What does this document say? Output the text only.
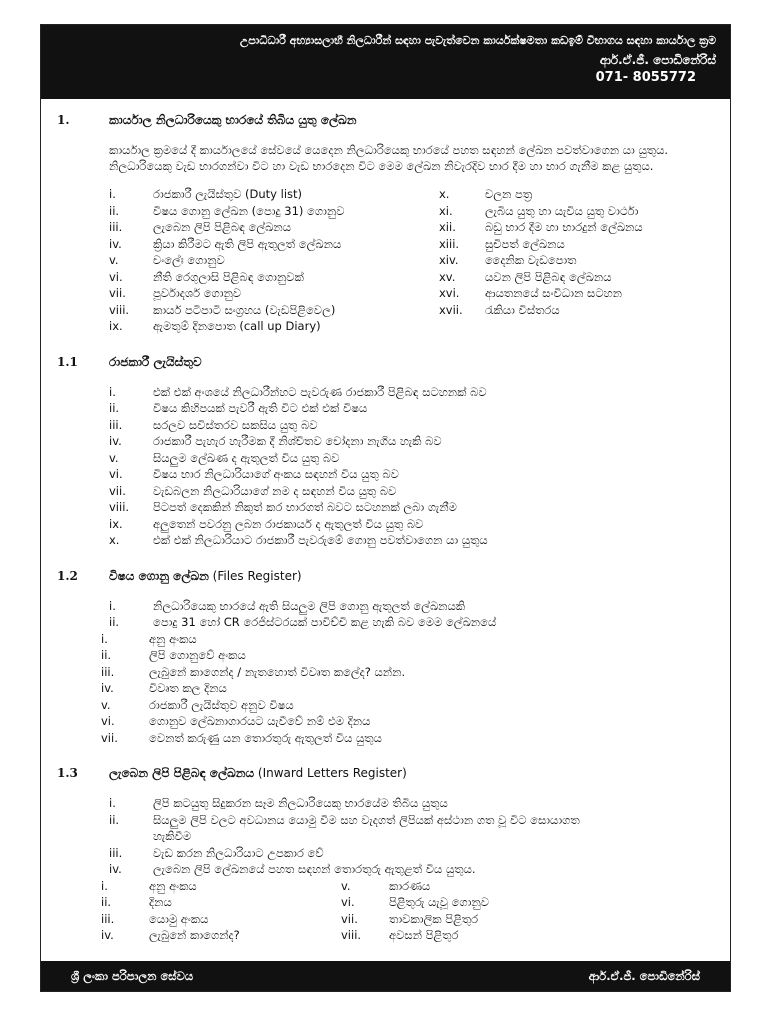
උපාධිධාරී අභ්‍යාසලාභී නිලධාරීන් සඳහා පැවැත්වෙන කාර්යක්ෂමතා කඩඉම් විභාගය සඳහා කාර්යාල ක්‍රම
ආර්.ඒ.ජී. පොඩිනේරිස්
071- 8055772
1.	කාර්යාල නිලධාරියෙකු භාරයේ තිබිය යුතු ලේඛන
කාර්යාල ක්‍රමයේ දී කාර්යාලයේ සේවයේ යෙදෙන නිලධාරියෙකු භාරයේ පහත සඳහන් ලේඛන පවත්වාගෙන යා යුතුය. නිලධාරියෙකු වැඩ භාරගන්වා විට හා වැඩ භාරදෙන විට මෙම ලේඛන නිවැරදිව භාර දීම හා භාර ගැනීම කළ යුතුය.
i.	රාජකාරී ලැයිස්තුව (Duty list)
ii.	විෂය ගොනු ලේඛන (පොදු 31) ගොනුව
iii.	ලැබෙන ලිපි පිළිබඳ ලේඛනය
iv.	ක්‍රියා කිරීමට ඇති ලිපි ඇතුලත් ලේඛනය
v.	චංලේඃ ගොනුව
vi.	නීති රෙගුලාසි පිළිබඳ ගොනුවක්
vii.	පූර්වාදර්ශ ගොනුව
viii.	කාර්ය පටිපාටි සංග්‍රහය (වැඩපිළිවෙල)
ix.	ඇමතුම් දිනපොත (call up Diary)
x.	චලන පත්‍ර
xi.	ලැබිය යුතු හා යැවිය යුතු වාර්ථා
xii.	බඩු භාර දීම හා භාරදුන් ලේඛනය
xiii.	සුචිපත් ලේඛනය
xiv.	දෛනික වැඩපොත
xv.	යවන ලිපි පිළිබඳ ලේඛනය
xvi.	ආයතනයේ සංවිධාන සටහන
xvii.	රැකියා විස්තරය
1.1	රාජකාරී ලැයිස්තුව
i.	එක් එක් අංශයේ නිලධාරීන්හට පැවරුණ රාජකාරී පිළිබඳ සටහනක් බව
ii.	විෂය කිහිපයක් පැවරී ඇති විට එක් එක් විෂය
iii.	සරලව සවිස්තරව සකසිය යුතු බව
iv.	රාජකාරී පැහැර හැරීමක දී නිශ්චිතව චෝදනා නැගිය හැකි බව
v.	සියලුම ලේඛණ ද ඇතුලත් විය යුතු බව
vi.	විෂය භාර නිලධාරියාගේ අංකය සඳහන් විය යුතු බව
vii.	වැඩබලන නිලධාරියාගේ නම ද සඳහන් විය යුතු බව
viii.	පිටපත් දෙකකින් නිකුත් කර භාරගත් බවට සටහනක් ලබා ගැනීම
ix.	අලුතෙන් පවරනු ලබන රාජකාර්ය ද ඇතුලත් විය යුතු බව
x.	එක් එක් නිලධාරියාට රාජකාරී පැවරුමේ ගොනු පවත්වාගෙන යා යුතුය
1.2	විෂය ගොනු ලේඛන (Files Register)
i.	නිලධාරියෙකු භාරයේ ඇති සියලුම ලිපි ගොනු ඇතුලත් ලේඛනයකි
ii.	පොදු 31 හෝ CR රෙජිස්ටරයක් පාවිච්චි කළ හැකි බව මෙම ලේඛනයේ
i.	අනු අංකය
ii.	ලිපි ගොනුවේ අංකය
iii.	ලැබුනේ කාගෙන්ද / නැතහොත් විවෘත කලේද? යන්න.
iv.	විවෘත කල දිනය
v.	රාජකාරී ලැයිස්තුව අනුව විෂය
vi.	ගොනුව ලේඛනාගාරයට යැවීවේ නම් එම දිනය
vii.	වෙනත් කරුණු යන තොරතුරු ඇතුලත් විය යුතුය
1.3	ලැබෙන ලිපි පිළිබඳ ලේඛනය (Inward Letters Register)
i.	ලිපි කටයුතු සිදුකරන සෑම නිලධාරියෙකු භාරයේම තිබිය යුතුය
ii.	සියලුම ලිපි වලට අවධානය යොමු වීම සහ වැදගත් ලිපියක් අස්ථාන ගත වූ විට සොයාගත
හැකිවීම
iii.	වැඩ කරන නිලධාරියාට උපකාර වේ
iv.	ලැබෙන ලිපි ලේඛනයේ පහත සඳහන් තොරතුරු ඇතුළත් විය යුතුය.
i.	අනු අංකය
ii.	දිනය
iii.	යොමු අංකය
iv.	ලැබුනේ කාගෙන්ද?
v.	කාරණය
vi.	පිළිතුරු යැවූ ගොනුව
vii.	තාවකාලික පිළිතුර
viii.	අවසන් පිළිතුර
ශ්‍රී ලංකා පරිපාලන සේවය	ආර්.ඒ.ජී. පොඩිනේරිස්
